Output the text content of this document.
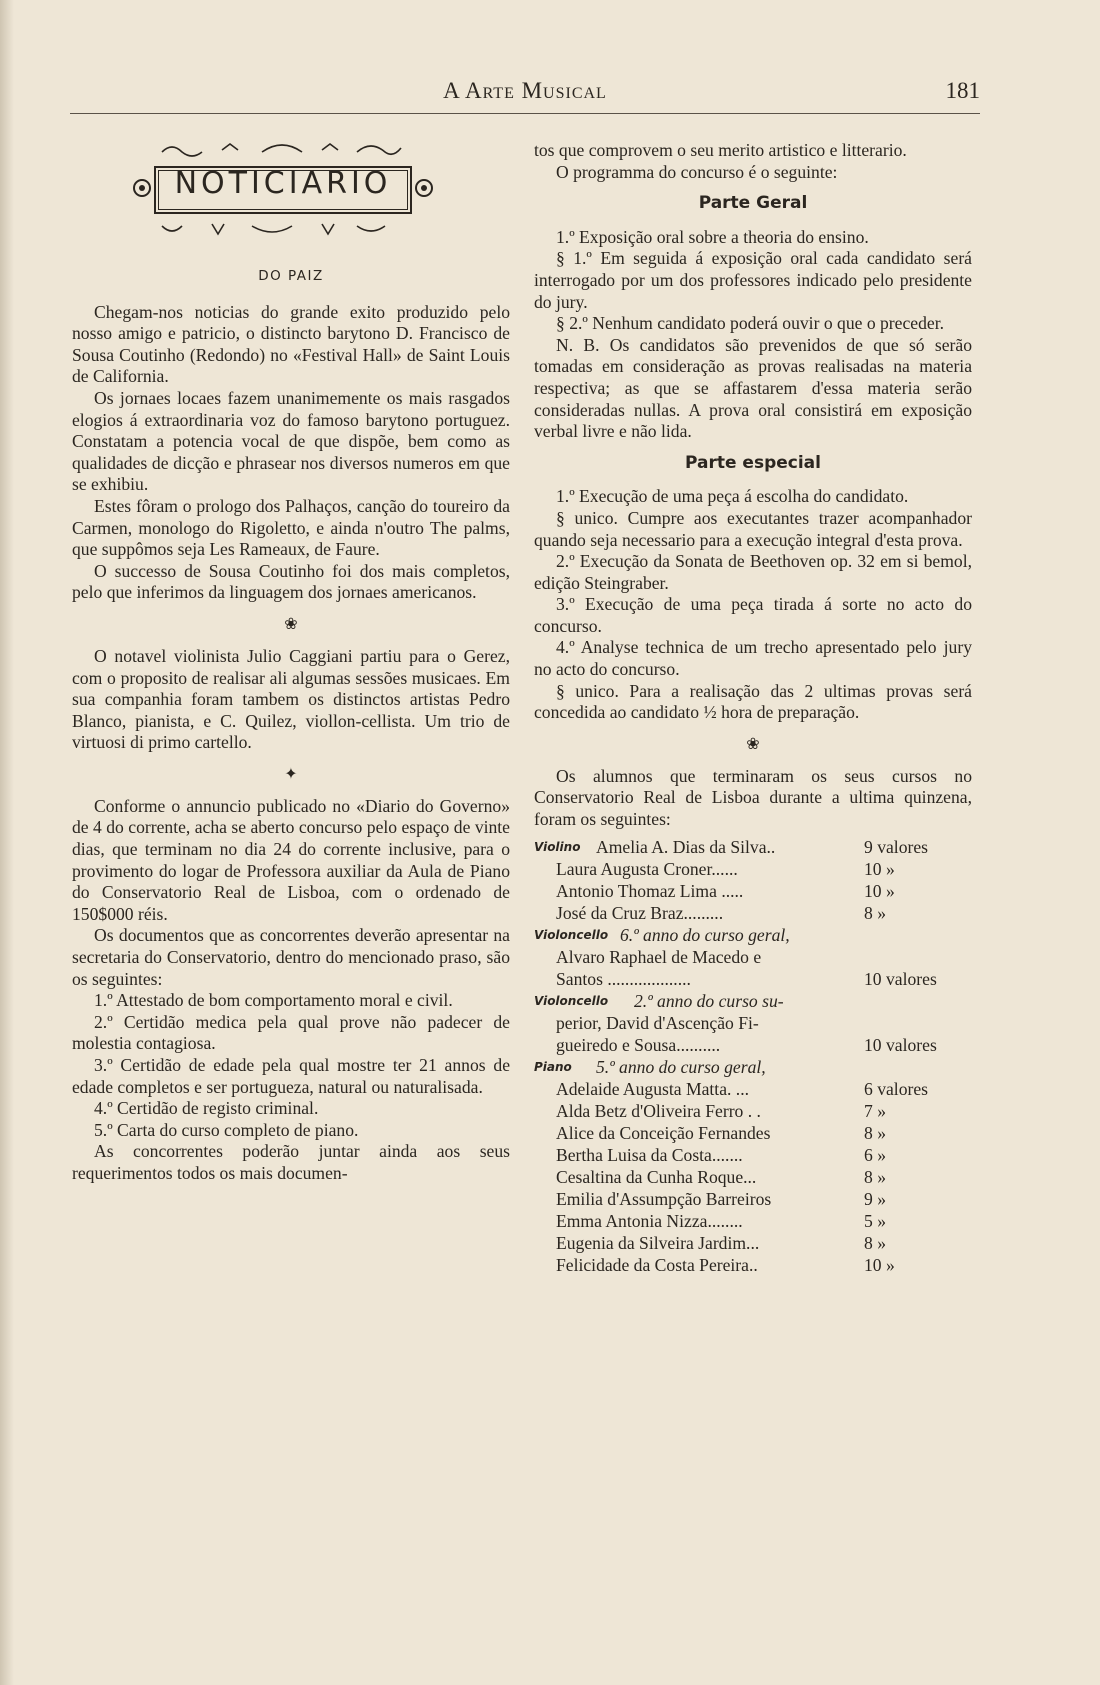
A Arte Musical	181
NOTICIARIO
DO PAIZ

Chegam-nos noticias do grande exito produzido pelo nosso amigo e patricio, o distincto barytono D. Francisco de Sousa Coutinho (Redondo) no «Festival Hall» de Saint Louis de California.

Os jornaes locaes fazem unanimemente os mais rasgados elogios á extraordinaria voz do famoso barytono portuguez. Constatam a potencia vocal de que dispõe, bem como as qualidades de dicção e phrasear nos diversos numeros em que se exhibiu.

Estes fôram o prologo dos Palhaços, canção do toureiro da Carmen, monologo do Rigoletto, e ainda n'outro The palms, que suppômos seja Les Rameaux, de Faure.

O successo de Sousa Coutinho foi dos mais completos, pelo que inferimos da linguagem dos jornaes americanos.

❀

O notavel violinista Julio Caggiani partiu para o Gerez, com o proposito de realisar ali algumas sessões musicaes. Em sua companhia foram tambem os distinctos artistas Pedro Blanco, pianista, e C. Quilez, viollon-cellista. Um trio de virtuosi di primo cartello.

✦

Conforme o annuncio publicado no «Diario do Governo» de 4 do corrente, acha se aberto concurso pelo espaço de vinte dias, que terminam no dia 24 do corrente inclusive, para o provimento do logar de Professora auxiliar da Aula de Piano do Conservatorio Real de Lisboa, com o ordenado de 150$000 réis.

Os documentos que as concorrentes deverão apresentar na secretaria do Conservatorio, dentro do mencionado praso, são os seguintes:

1.º Attestado de bom comportamento moral e civil.

2.º Certidão medica pela qual prove não padecer de molestia contagiosa.

3.º Certidão de edade pela qual mostre ter 21 annos de edade completos e ser portugueza, natural ou naturalisada.

4.º Certidão de registo criminal.

5.º Carta do curso completo de piano.

As concorrentes poderão juntar ainda aos seus requerimentos todos os mais documen-

tos que comprovem o seu merito artistico e litterario.

O programma do concurso é o seguinte:

Parte Geral

1.º Exposição oral sobre a theoria do ensino.

§ 1.º Em seguida á exposição oral cada candidato será interrogado por um dos professores indicado pelo presidente do jury.

§ 2.º Nenhum candidato poderá ouvir o que o preceder.

N. B. Os candidatos são prevenidos de que só serão tomadas em consideração as provas realisadas na materia respectiva; as que se affastarem d'essa materia serão consideradas nullas. A prova oral consistirá em exposição verbal livre e não lida.

Parte especial

1.º Execução de uma peça á escolha do candidato.

§ unico. Cumpre aos executantes trazer acompanhador quando seja necessario para a execução integral d'esta prova.

2.º Execução da Sonata de Beethoven op. 32 em si bemol, edição Steingraber.

3.º Execução de uma peça tirada á sorte no acto do concurso.

4.º Analyse technica de um trecho apresentado pelo jury no acto do concurso.

§ unico. Para a realisação das 2 ultimas provas será concedida ao candidato ½ hora de preparação.

❀

Os alumnos que terminaram os seus cursos no Conservatorio Real de Lisboa durante a ultima quinzena, foram os seguintes:

Violino Amelia A. Dias da Silva..	9 valores
Laura Augusta Croner......	10 »
Antonio Thomaz Lima .....	10 »
José da Cruz Braz.........	8 »
Violoncello 6.º anno do curso geral,
Alvaro Raphael de Macedo e
Santos ...................	10 valores
Violoncello 2.º anno do curso su-
perior, David d'Ascenção Fi-
gueiredo e Sousa..........	10 valores
Piano 5.º anno do curso geral,
Adelaide Augusta Matta. ...	6 valores
Alda Betz d'Oliveira Ferro . .	7 »
Alice da Conceição Fernandes	8 »
Bertha Luisa da Costa.......	6 »
Cesaltina da Cunha Roque...	8 »
Emilia d'Assumpção Barreiros	9 »
Emma Antonia Nizza........	5 »
Eugenia da Silveira Jardim...	8 »
Felicidade da Costa Pereira..	10 »
